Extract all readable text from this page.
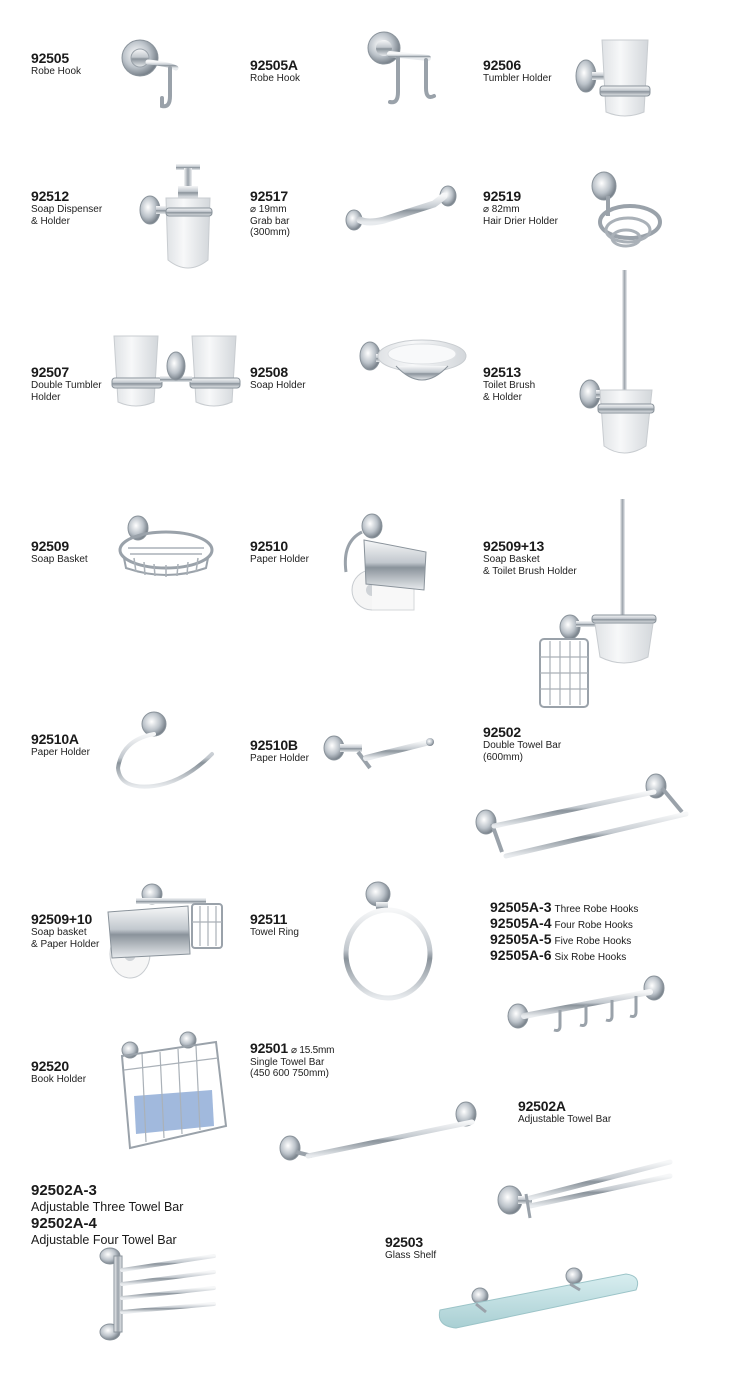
92505
Robe Hook	92505A
Robe Hook
92506
Tumbler Holder
92512
Soap Dispenser
& Holder
92517
⌀ 19mm
Grab bar
(300mm)
92519
⌀ 82mm
Hair Drier Holder
92507
Double Tumbler
Holder
92508
Soap Holder
92513
Toilet Brush
& Holder
92509
Soap Basket
92510
Paper Holder
92509+13
Soap Basket
& Toilet Brush Holder
92510A
Paper Holder	92510B
Paper Holder
92502
Double Towel Bar
(600mm)
92509+10
Soap basket
& Paper Holder
92511
Towel Ring
92505A-3 Three Robe Hooks
92505A-4 Four Robe Hooks
92505A-5 Five Robe Hooks
92505A-6 Six Robe Hooks
92520
Book Holder
92501 ⌀ 15.5mm
Single Towel Bar
(450 600 750mm)
92502A
Adjustable Towel Bar
92502A-3
Adjustable Three Towel Bar
92502A-4
Adjustable Four Towel Bar	92503
Glass Shelf
